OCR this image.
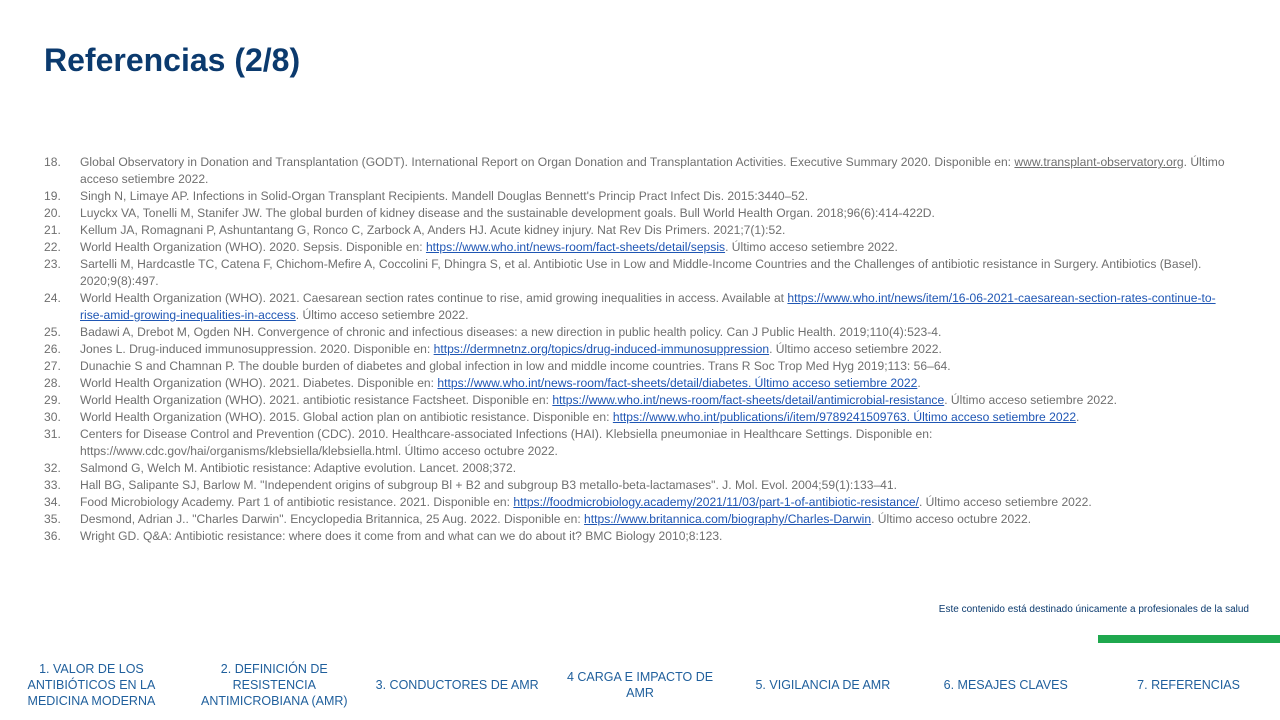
Referencias (2/8)
18. Global Observatory in Donation and Transplantation (GODT). International Report on Organ Donation and Transplantation Activities. Executive Summary 2020. Disponible en: www.transplant-observatory.org. Último acceso setiembre 2022.
19. Singh N, Limaye AP. Infections in Solid-Organ Transplant Recipients. Mandell Douglas Bennett's Princip Pract Infect Dis. 2015:3440–52.
20. Luyckx VA, Tonelli M, Stanifer JW. The global burden of kidney disease and the sustainable development goals. Bull World Health Organ. 2018;96(6):414-422D.
21. Kellum JA, Romagnani P, Ashuntantang G, Ronco C, Zarbock A, Anders HJ. Acute kidney injury. Nat Rev Dis Primers. 2021;7(1):52.
22. World Health Organization (WHO). 2020. Sepsis. Disponible en: https://www.who.int/news-room/fact-sheets/detail/sepsis. Último acceso setiembre 2022.
23. Sartelli M, Hardcastle TC, Catena F, Chichom-Mefire A, Coccolini F, Dhingra S, et al. Antibiotic Use in Low and Middle-Income Countries and the Challenges of antibiotic resistance in Surgery. Antibiotics (Basel). 2020;9(8):497.
24. World Health Organization (WHO). 2021. Caesarean section rates continue to rise, amid growing inequalities in access. Available at https://www.who.int/news/item/16-06-2021-caesarean-section-rates-continue-to-rise-amid-growing-inequalities-in-access. Último acceso setiembre 2022.
25. Badawi A, Drebot M, Ogden NH. Convergence of chronic and infectious diseases: a new direction in public health policy. Can J Public Health. 2019;110(4):523-4.
26. Jones L. Drug-induced immunosuppression. 2020. Disponible en: https://dermnetnz.org/topics/drug-induced-immunosuppression. Último acceso setiembre 2022.
27. Dunachie S and Chamnan P. The double burden of diabetes and global infection in low and middle income countries. Trans R Soc Trop Med Hyg 2019;113: 56–64.
28. World Health Organization (WHO). 2021. Diabetes. Disponible en: https://www.who.int/news-room/fact-sheets/detail/diabetes. Último acceso setiembre 2022.
29. World Health Organization (WHO). 2021. antibiotic resistance Factsheet. Disponible en: https://www.who.int/news-room/fact-sheets/detail/antimicrobial-resistance. Último acceso setiembre 2022.
30. World Health Organization (WHO). 2015. Global action plan on antibiotic resistance. Disponible en: https://www.who.int/publications/i/item/9789241509763. Último acceso setiembre 2022.
31. Centers for Disease Control and Prevention (CDC). 2010. Healthcare-associated Infections (HAI). Klebsiella pneumoniae in Healthcare Settings. Disponible en: https://www.cdc.gov/hai/organisms/klebsiella/klebsiella.html. Último acceso octubre 2022.
32. Salmond G, Welch M. Antibiotic resistance: Adaptive evolution. Lancet. 2008;372.
33. Hall BG, Salipante SJ, Barlow M. "Independent origins of subgroup Bl + B2 and subgroup B3 metallo-beta-lactamases". J. Mol. Evol. 2004;59(1):133–41.
34. Food Microbiology Academy. Part 1 of antibiotic resistance. 2021. Disponible en: https://foodmicrobiology.academy/2021/11/03/part-1-of-antibiotic-resistance/. Último acceso setiembre 2022.
35. Desmond, Adrian J.. "Charles Darwin". Encyclopedia Britannica, 25 Aug. 2022. Disponible en: https://www.britannica.com/biography/Charles-Darwin. Último acceso octubre 2022.
36. Wright GD. Q&A: Antibiotic resistance: where does it come from and what can we do about it? BMC Biology 2010;8:123.
Este contenido está destinado únicamente a profesionales de la salud
1. VALOR DE LOS ANTIBIÓTICOS EN LA MEDICINA MODERNA
2. DEFINICIÓN DE RESISTENCIA ANTIMICROBIANA (AMR)
3. CONDUCTORES DE AMR
4 CARGA E IMPACTO DE AMR
5. VIGILANCIA DE AMR	6. MESAJES CLAVES	7. REFERENCIAS
